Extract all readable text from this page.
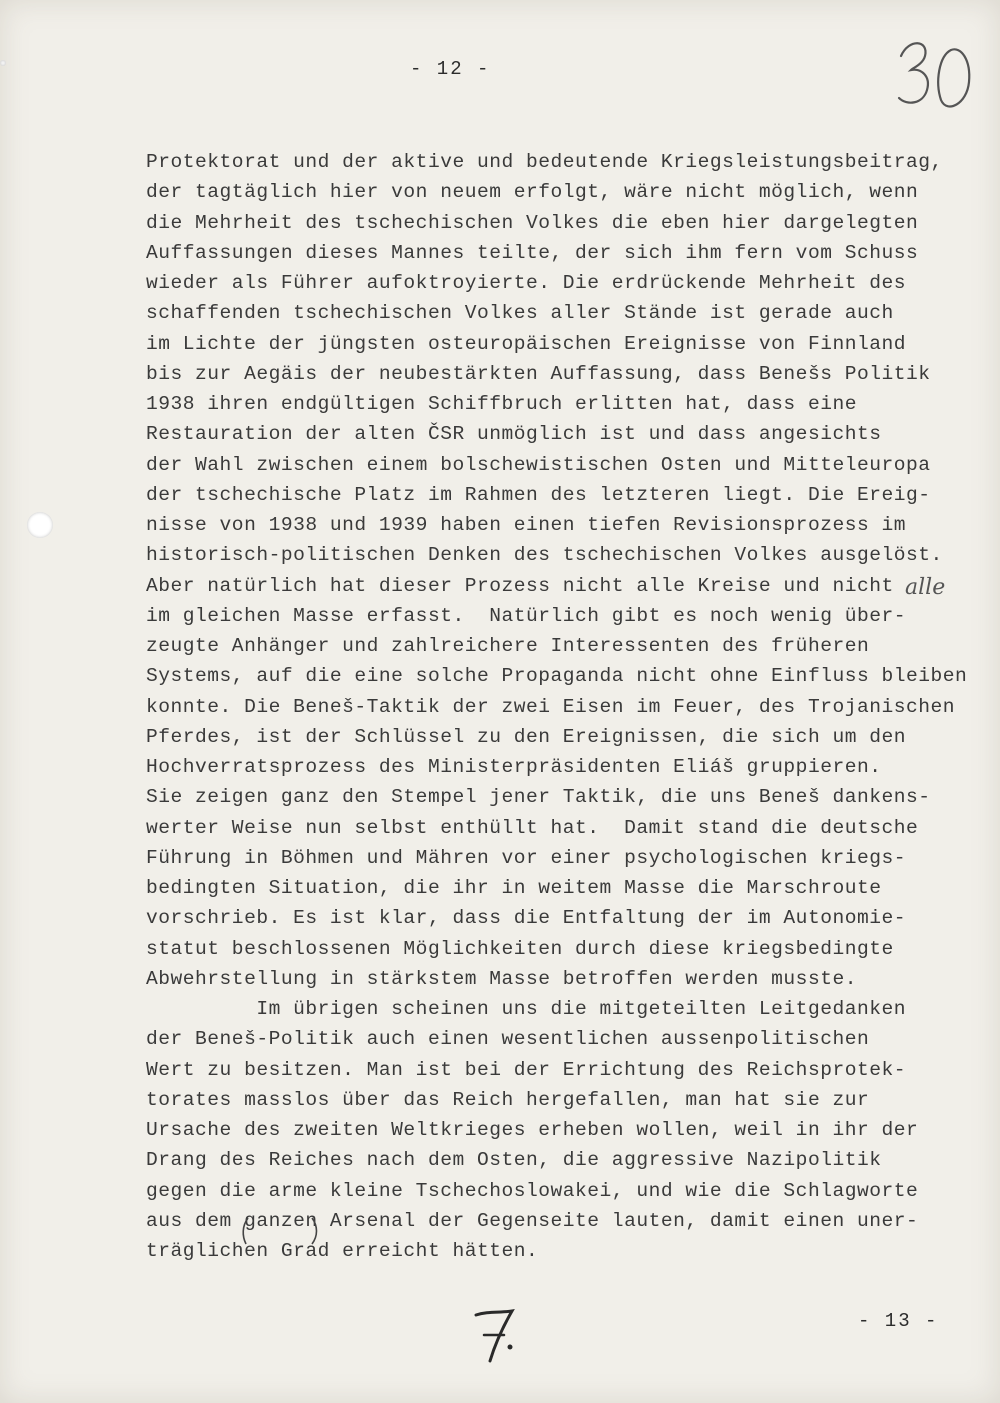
- 12 -
Protektorat und der aktive und bedeutende Kriegsleistungsbeitrag,
der tagtäglich hier von neuem erfolgt, wäre nicht möglich, wenn
die Mehrheit des tschechischen Volkes die eben hier dargelegten
Auffassungen dieses Mannes teilte, der sich ihm fern vom Schuss
wieder als Führer aufoktroyierte. Die erdrückende Mehrheit des
schaffenden tschechischen Volkes aller Stände ist gerade auch
im Lichte der jüngsten osteuropäischen Ereignisse von Finnland
bis zur Aegäis der neubestärkten Auffassung, dass Benešs Politik
1938 ihren endgültigen Schiffbruch erlitten hat, dass eine
Restauration der alten ČSR unmöglich ist und dass angesichts
der Wahl zwischen einem bolschewistischen Osten und Mitteleuropa
der tschechische Platz im Rahmen des letzteren liegt. Die Ereig-
nisse von 1938 und 1939 haben einen tiefen Revisionsprozess im
historisch-politischen Denken des tschechischen Volkes ausgelöst.
Aber natürlich hat dieser Prozess nicht alle Kreise und nicht
im gleichen Masse erfasst.  Natürlich gibt es noch wenig über-
zeugte Anhänger und zahlreichere Interessenten des früheren
Systems, auf die eine solche Propaganda nicht ohne Einfluss bleiben
konnte. Die Beneš-Taktik der zwei Eisen im Feuer, des Trojanischen
Pferdes, ist der Schlüssel zu den Ereignissen, die sich um den
Hochverratsprozess des Ministerpräsidenten Eliáš gruppieren.
Sie zeigen ganz den Stempel jener Taktik, die uns Beneš dankens-
werter Weise nun selbst enthüllt hat.  Damit stand die deutsche
Führung in Böhmen und Mähren vor einer psychologischen kriegs-
bedingten Situation, die ihr in weitem Masse die Marschroute
vorschrieb. Es ist klar, dass die Entfaltung der im Autonomie-
statut beschlossenen Möglichkeiten durch diese kriegsbedingte
Abwehrstellung in stärkstem Masse betroffen werden musste.
Im übrigen scheinen uns die mitgeteilten Leitgedanken
der Beneš-Politik auch einen wesentlichen aussenpolitischen
Wert zu besitzen. Man ist bei der Errichtung des Reichsprotek-
torates masslos über das Reich hergefallen, man hat sie zur
Ursache des zweiten Weltkrieges erheben wollen, weil in ihr der
Drang des Reiches nach dem Osten, die aggressive Nazipolitik
gegen die arme kleine Tschechoslowakei, und wie die Schlagworte
aus dem ganzen Arsenal der Gegenseite lauten, damit einen uner-
träglichen Grad erreicht hätten.
alle
- 13 -
